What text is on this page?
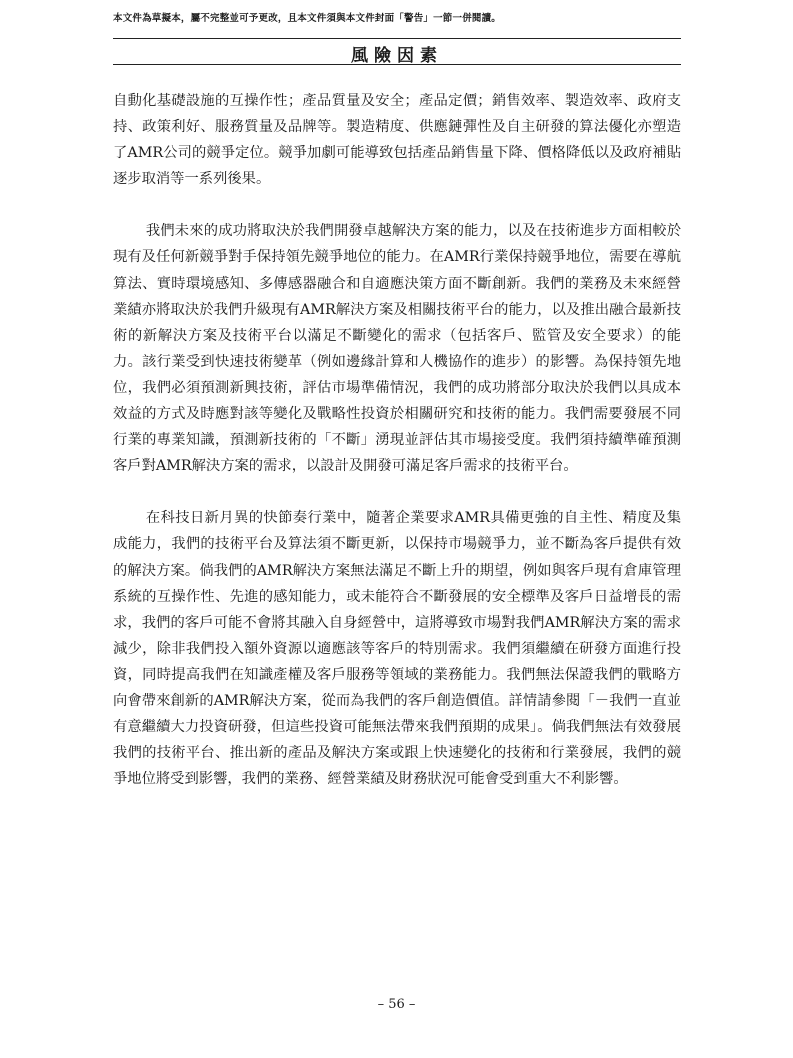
本文件為草擬本，屬不完整並可予更改，且本文件須與本文件封面「警告」一節一併閱讀。
風險因素

自動化基礎設施的互操作性；產品質量及安全；產品定價；銷售效率、製造效率、政府支持、政策利好、服務質量及品牌等。製造精度、供應鏈彈性及自主研發的算法優化亦塑造了AMR公司的競爭定位。競爭加劇可能導致包括產品銷售量下降、價格降低以及政府補貼逐步取消等一系列後果。

我們未來的成功將取決於我們開發卓越解決方案的能力，以及在技術進步方面相較於現有及任何新競爭對手保持領先競爭地位的能力。在AMR行業保持競爭地位，需要在導航算法、實時環境感知、多傳感器融合和自適應決策方面不斷創新。我們的業務及未來經營業績亦將取決於我們升級現有AMR解決方案及相關技術平台的能力，以及推出融合最新技術的新解決方案及技術平台以滿足不斷變化的需求（包括客戶、監管及安全要求）的能力。該行業受到快速技術變革（例如邊緣計算和人機協作的進步）的影響。為保持領先地位，我們必須預測新興技術，評估市場準備情況，我們的成功將部分取決於我們以具成本效益的方式及時應對該等變化及戰略性投資於相關研究和技術的能力。我們需要發展不同行業的專業知識，預測新技術的「不斷」湧現並評估其市場接受度。我們須持續準確預測客戶對AMR解決方案的需求，以設計及開發可滿足客戶需求的技術平台。

在科技日新月異的快節奏行業中，隨著企業要求AMR具備更強的自主性、精度及集成能力，我們的技術平台及算法須不斷更新，以保持市場競爭力，並不斷為客戶提供有效的解決方案。倘我們的AMR解決方案無法滿足不斷上升的期望，例如與客戶現有倉庫管理系統的互操作性、先進的感知能力，或未能符合不斷發展的安全標準及客戶日益增長的需求，我們的客戶可能不會將其融入自身經營中，這將導致市場對我們AMR解決方案的需求減少，除非我們投入額外資源以適應該等客戶的特別需求。我們須繼續在研發方面進行投資，同時提高我們在知識產權及客戶服務等領域的業務能力。我們無法保證我們的戰略方向會帶來創新的AMR解決方案，從而為我們的客戶創造價值。詳情請參閱「－我們一直並有意繼續大力投資研發，但這些投資可能無法帶來我們預期的成果」。倘我們無法有效發展我們的技術平台、推出新的產品及解決方案或跟上快速變化的技術和行業發展，我們的競爭地位將受到影響，我們的業務、經營業績及財務狀況可能會受到重大不利影響。

– 56 –
